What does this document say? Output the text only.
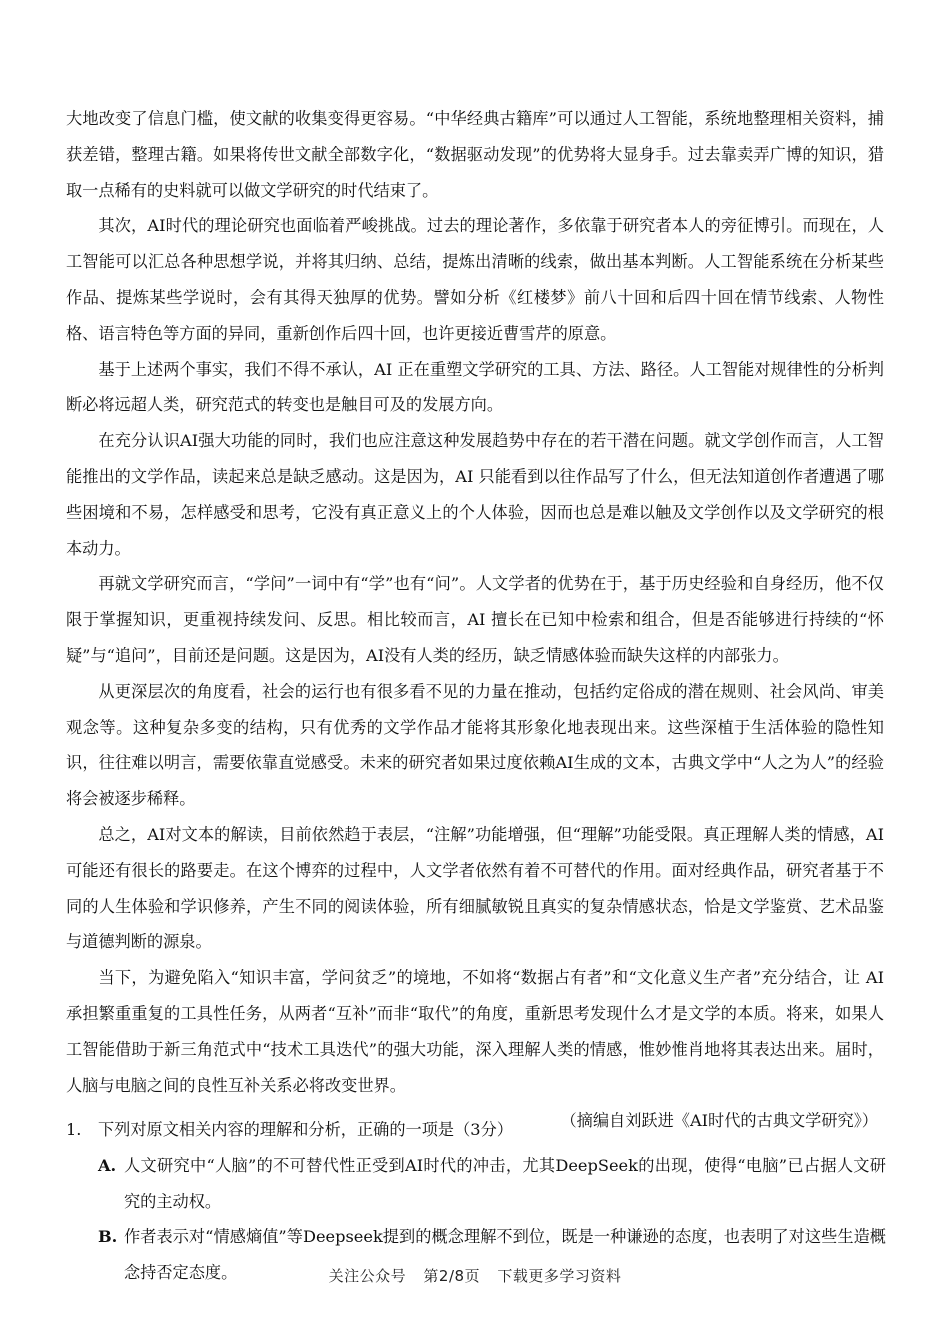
大地改变了信息门槛，使文献的收集变得更容易。“中华经典古籍库”可以通过人工智能，系统地整理相关资料，捕获差错，整理古籍。如果将传世文献全部数字化，“数据驱动发现”的优势将大显身手。过去靠卖弄广博的知识，猎取一点稀有的史料就可以做文学研究的时代结束了。

其次，AI时代的理论研究也面临着严峻挑战。过去的理论著作，多依靠于研究者本人的旁征博引。而现在，人工智能可以汇总各种思想学说，并将其归纳、总结，提炼出清晰的线索，做出基本判断。人工智能系统在分析某些作品、提炼某些学说时，会有其得天独厚的优势。譬如分析《红楼梦》前八十回和后四十回在情节线索、人物性格、语言特色等方面的异同，重新创作后四十回，也许更接近曹雪芹的原意。

基于上述两个事实，我们不得不承认，AI 正在重塑文学研究的工具、方法、路径。人工智能对规律性的分析判断必将远超人类，研究范式的转变也是触目可及的发展方向。

在充分认识AI强大功能的同时，我们也应注意这种发展趋势中存在的若干潜在问题。就文学创作而言，人工智能推出的文学作品，读起来总是缺乏感动。这是因为，AI 只能看到以往作品写了什么，但无法知道创作者遭遇了哪些困境和不易，怎样感受和思考，它没有真正意义上的个人体验，因而也总是难以触及文学创作以及文学研究的根本动力。

再就文学研究而言，“学问”一词中有“学”也有“问”。人文学者的优势在于，基于历史经验和自身经历，他不仅限于掌握知识，更重视持续发问、反思。相比较而言，AI 擅长在已知中检索和组合，但是否能够进行持续的“怀疑”与“追问”，目前还是问题。这是因为，AI没有人类的经历，缺乏情感体验而缺失这样的内部张力。

从更深层次的角度看，社会的运行也有很多看不见的力量在推动，包括约定俗成的潜在规则、社会风尚、审美观念等。这种复杂多变的结构，只有优秀的文学作品才能将其形象化地表现出来。这些深植于生活体验的隐性知识，往往难以明言，需要依靠直觉感受。未来的研究者如果过度依赖AI生成的文本，古典文学中“人之为人”的经验将会被逐步稀释。

总之，AI对文本的解读，目前依然趋于表层，“注解”功能增强，但“理解”功能受限。真正理解人类的情感，AI 可能还有很长的路要走。在这个博弈的过程中，人文学者依然有着不可替代的作用。面对经典作品，研究者基于不同的人生体验和学识修养，产生不同的阅读体验，所有细腻敏锐且真实的复杂情感状态，恰是文学鉴赏、艺术品鉴与道德判断的源泉。

当下，为避免陷入“知识丰富，学问贫乏”的境地，不如将“数据占有者”和“文化意义生产者”充分结合，让 AI 承担繁重重复的工具性任务，从两者“互补”而非“取代”的角度，重新思考发现什么才是文学的本质。将来，如果人工智能借助于新三角范式中“技术工具迭代”的强大功能，深入理解人类的情感，惟妙惟肖地将其表达出来。届时，人脑与电脑之间的良性互补关系必将改变世界。

（摘编自刘跃进《AI时代的古典文学研究》）

1.	下列对原文相关内容的理解和分析，正确的一项是（3分）

A. 人文研究中“人脑”的不可替代性正受到AI时代的冲击，尤其DeepSeek的出现，使得“电脑”已占据人文研究的主动权。
B. 作者表示对“情感熵值”等Deepseek提到的概念理解不到位，既是一种谦逊的态度，也表明了对这些生造概念持否定态度。	关注公众号 第2/8页 下载更多学习资料
